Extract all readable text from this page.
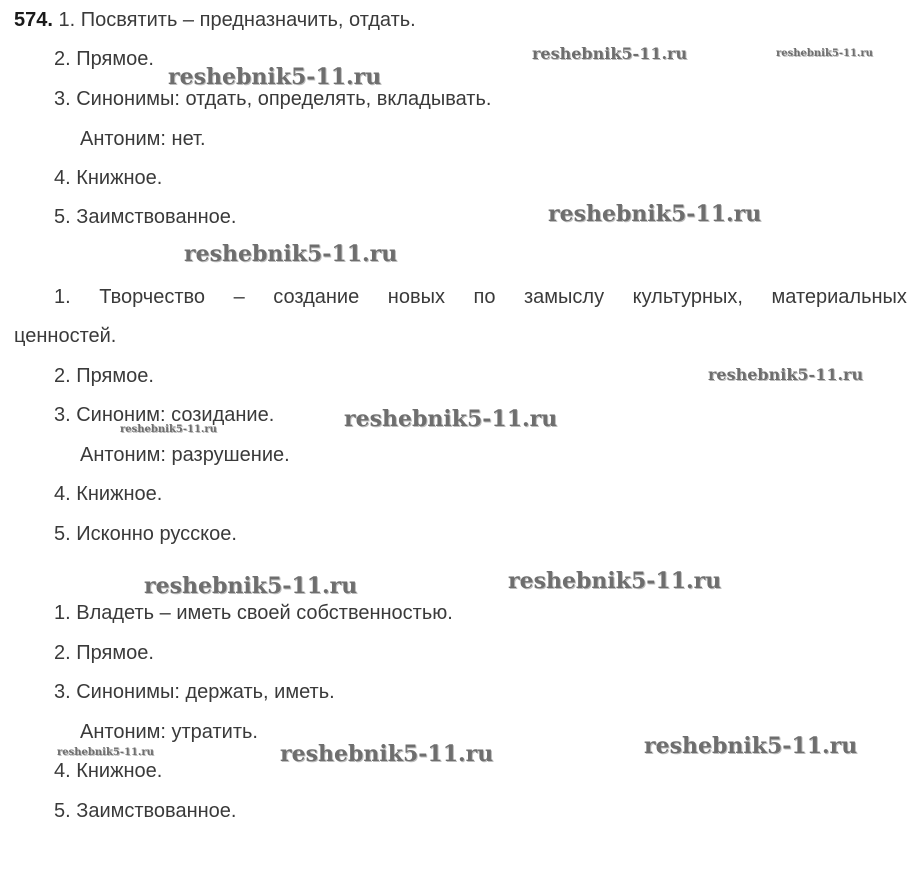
574. 1. Посвятить – предназначить, отдать.
2. Прямое.
3. Синонимы: отдать, определять, вкладывать.
Антоним: нет.
4. Книжное.
5. Заимствованное.
1. Творчество – создание новых по замыслу культурных, материальных
ценностей.
2. Прямое.
3. Синоним: созидание.
Антоним: разрушение.
4. Книжное.
5. Исконно русское.
1. Владеть – иметь своей собственностью.
2. Прямое.
3. Синонимы: держать, иметь.
Антоним: утратить.
4. Книжное.
5. Заимствованное.
reshebnik5-11.ru	reshebnik5-11.ru
reshebnik5-11.ru
reshebnik5-11.ru
reshebnik5-11.ru
reshebnik5-11.ru
reshebnik5-11.ru
reshebnik5-11.ru
reshebnik5-11.ru	reshebnik5-11.ru
reshebnik5-11.ru
reshebnik5-11.ru	reshebnik5-11.ru
